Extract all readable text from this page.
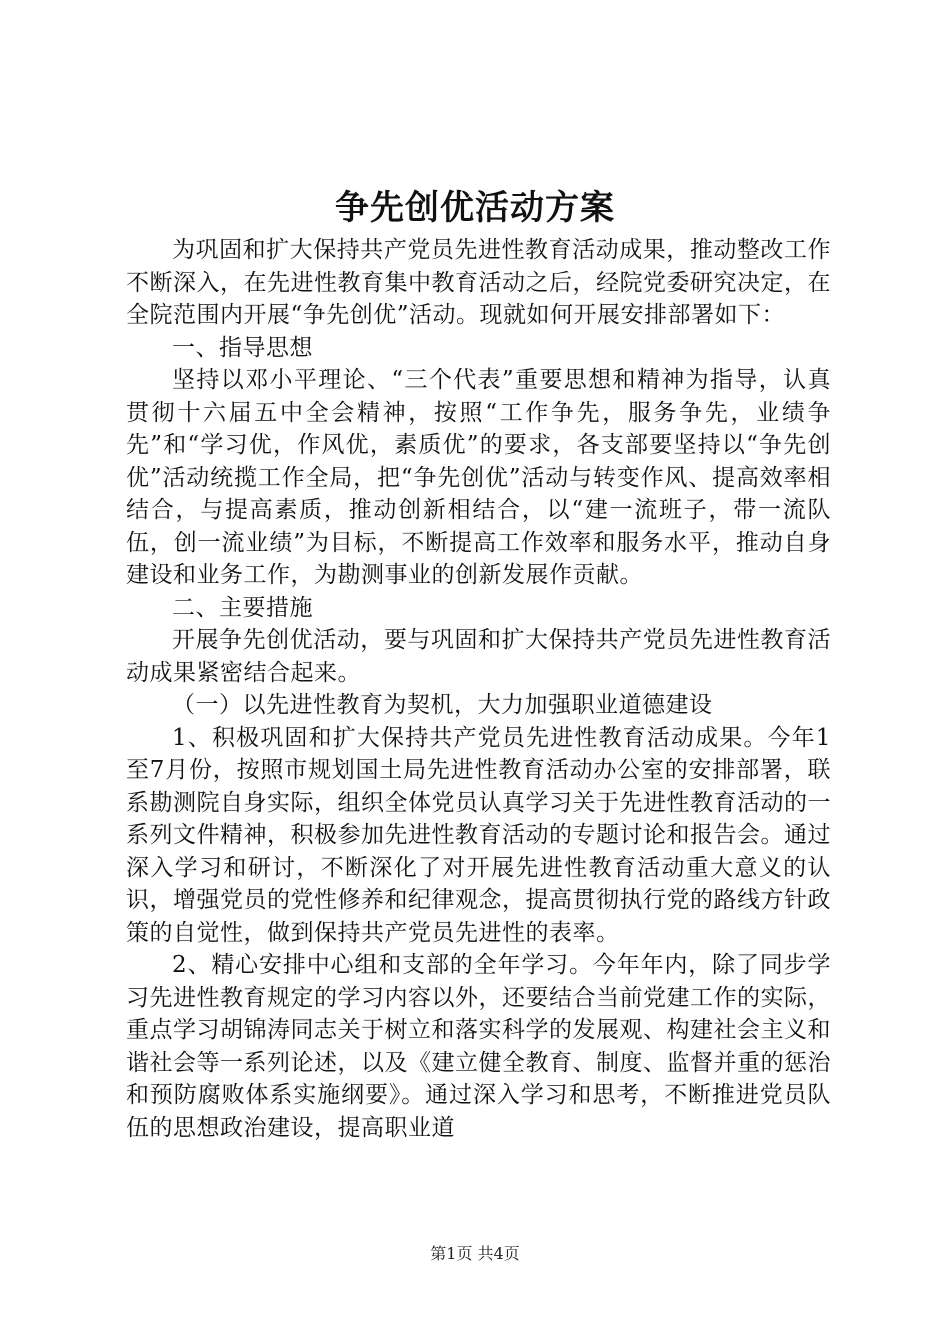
争先创优活动方案

为巩固和扩大保持共产党员先进性教育活动成果，推动整改工作不断深入，在先进性教育集中教育活动之后，经院党委研究决定，在全院范围内开展“争先创优”活动。现就如何开展安排部署如下：

一、指导思想

坚持以邓小平理论、“三个代表”重要思想和精神为指导，认真贯彻十六届五中全会精神，按照“工作争先，服务争先，业绩争先”和“学习优，作风优，素质优”的要求，各支部要坚持以“争先创优”活动统揽工作全局，把“争先创优”活动与转变作风、提高效率相结合，与提高素质，推动创新相结合，以“建一流班子，带一流队伍，创一流业绩”为目标，不断提高工作效率和服务水平，推动自身建设和业务工作，为勘测事业的创新发展作贡献。

二、主要措施

开展争先创优活动，要与巩固和扩大保持共产党员先进性教育活动成果紧密结合起来。

（一）以先进性教育为契机，大力加强职业道德建设

1、积极巩固和扩大保持共产党员先进性教育活动成果。今年1至7月份，按照市规划国土局先进性教育活动办公室的安排部署，联系勘测院自身实际，组织全体党员认真学习关于先进性教育活动的一系列文件精神，积极参加先进性教育活动的专题讨论和报告会。通过深入学习和研讨，不断深化了对开展先进性教育活动重大意义的认识，增强党员的党性修养和纪律观念，提高贯彻执行党的路线方针政策的自觉性，做到保持共产党员先进性的表率。

2、精心安排中心组和支部的全年学习。今年年内，除了同步学习先进性教育规定的学习内容以外，还要结合当前党建工作的实际，重点学习胡锦涛同志关于树立和落实科学的发展观、构建社会主义和谐社会等一系列论述，以及《建立健全教育、制度、监督并重的惩治和预防腐败体系实施纲要》。通过深入学习和思考，不断推进党员队伍的思想政治建设，提高职业道

第1页 共4页
